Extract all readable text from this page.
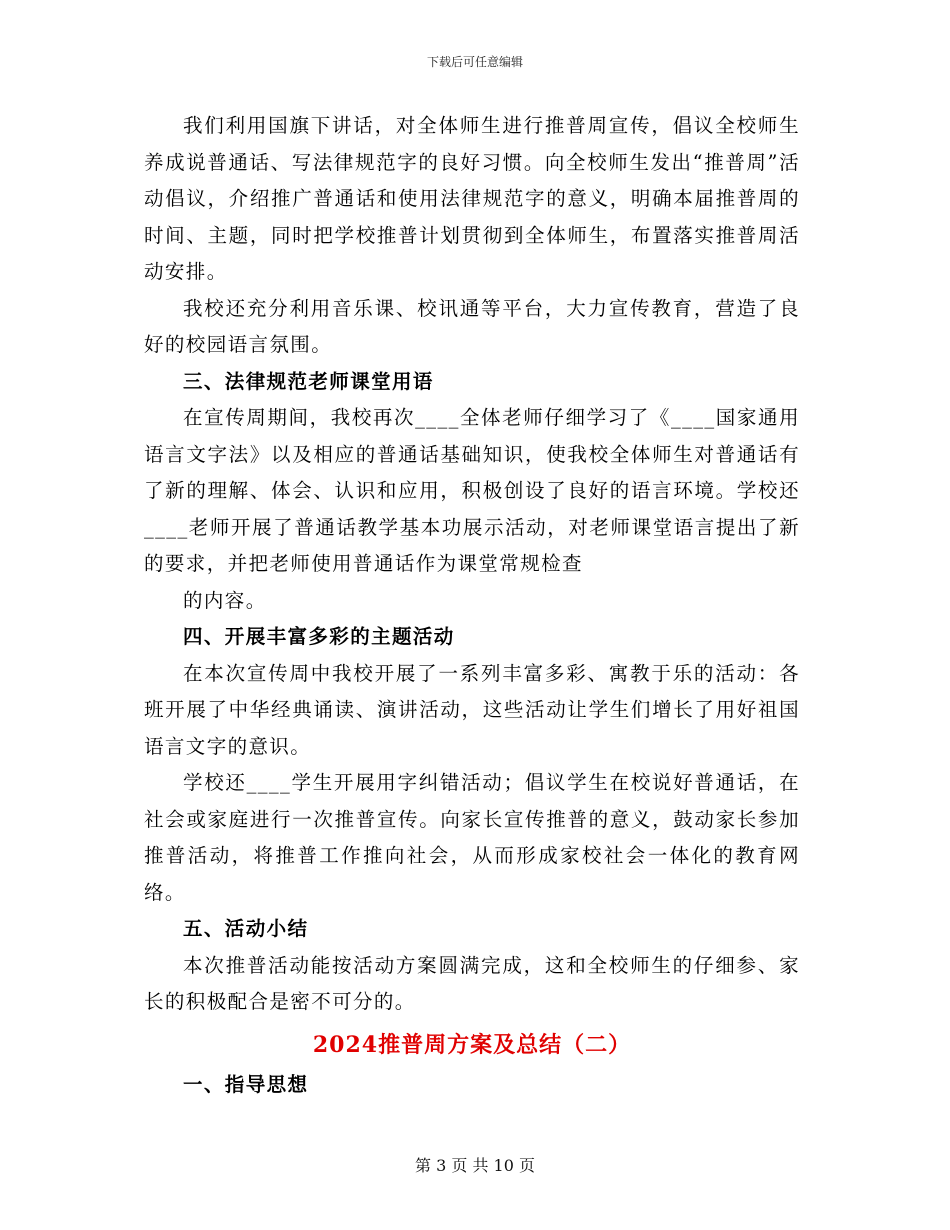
下载后可任意编辑

我们利用国旗下讲话，对全体师生进行推普周宣传，倡议全校师生养成说普通话、写法律规范字的良好习惯。向全校师生发出“推普周”活动倡议，介绍推广普通话和使用法律规范字的意义，明确本届推普周的时间、主题，同时把学校推普计划贯彻到全体师生，布置落实推普周活动安排。

我校还充分利用音乐课、校讯通等平台，大力宣传教育，营造了良好的校园语言氛围。

三、法律规范老师课堂用语

在宣传周期间，我校再次____全体老师仔细学习了《____国家通用语言文字法》以及相应的普通话基础知识，使我校全体师生对普通话有了新的理解、体会、认识和应用，积极创设了良好的语言环境。学校还____老师开展了普通话教学基本功展示活动，对老师课堂语言提出了新的要求，并把老师使用普通话作为课堂常规检查

的内容。

四、开展丰富多彩的主题活动

在本次宣传周中我校开展了一系列丰富多彩、寓教于乐的活动：各班开展了中华经典诵读、演讲活动，这些活动让学生们增长了用好祖国语言文字的意识。

学校还____学生开展用字纠错活动；倡议学生在校说好普通话，在社会或家庭进行一次推普宣传。向家长宣传推普的意义，鼓动家长参加推普活动，将推普工作推向社会，从而形成家校社会一体化的教育网络。

五、活动小结

本次推普活动能按活动方案圆满完成，这和全校师生的仔细参、家长的积极配合是密不可分的。

2024推普周方案及总结（二）

一、指导思想

第 3 页 共 10 页
